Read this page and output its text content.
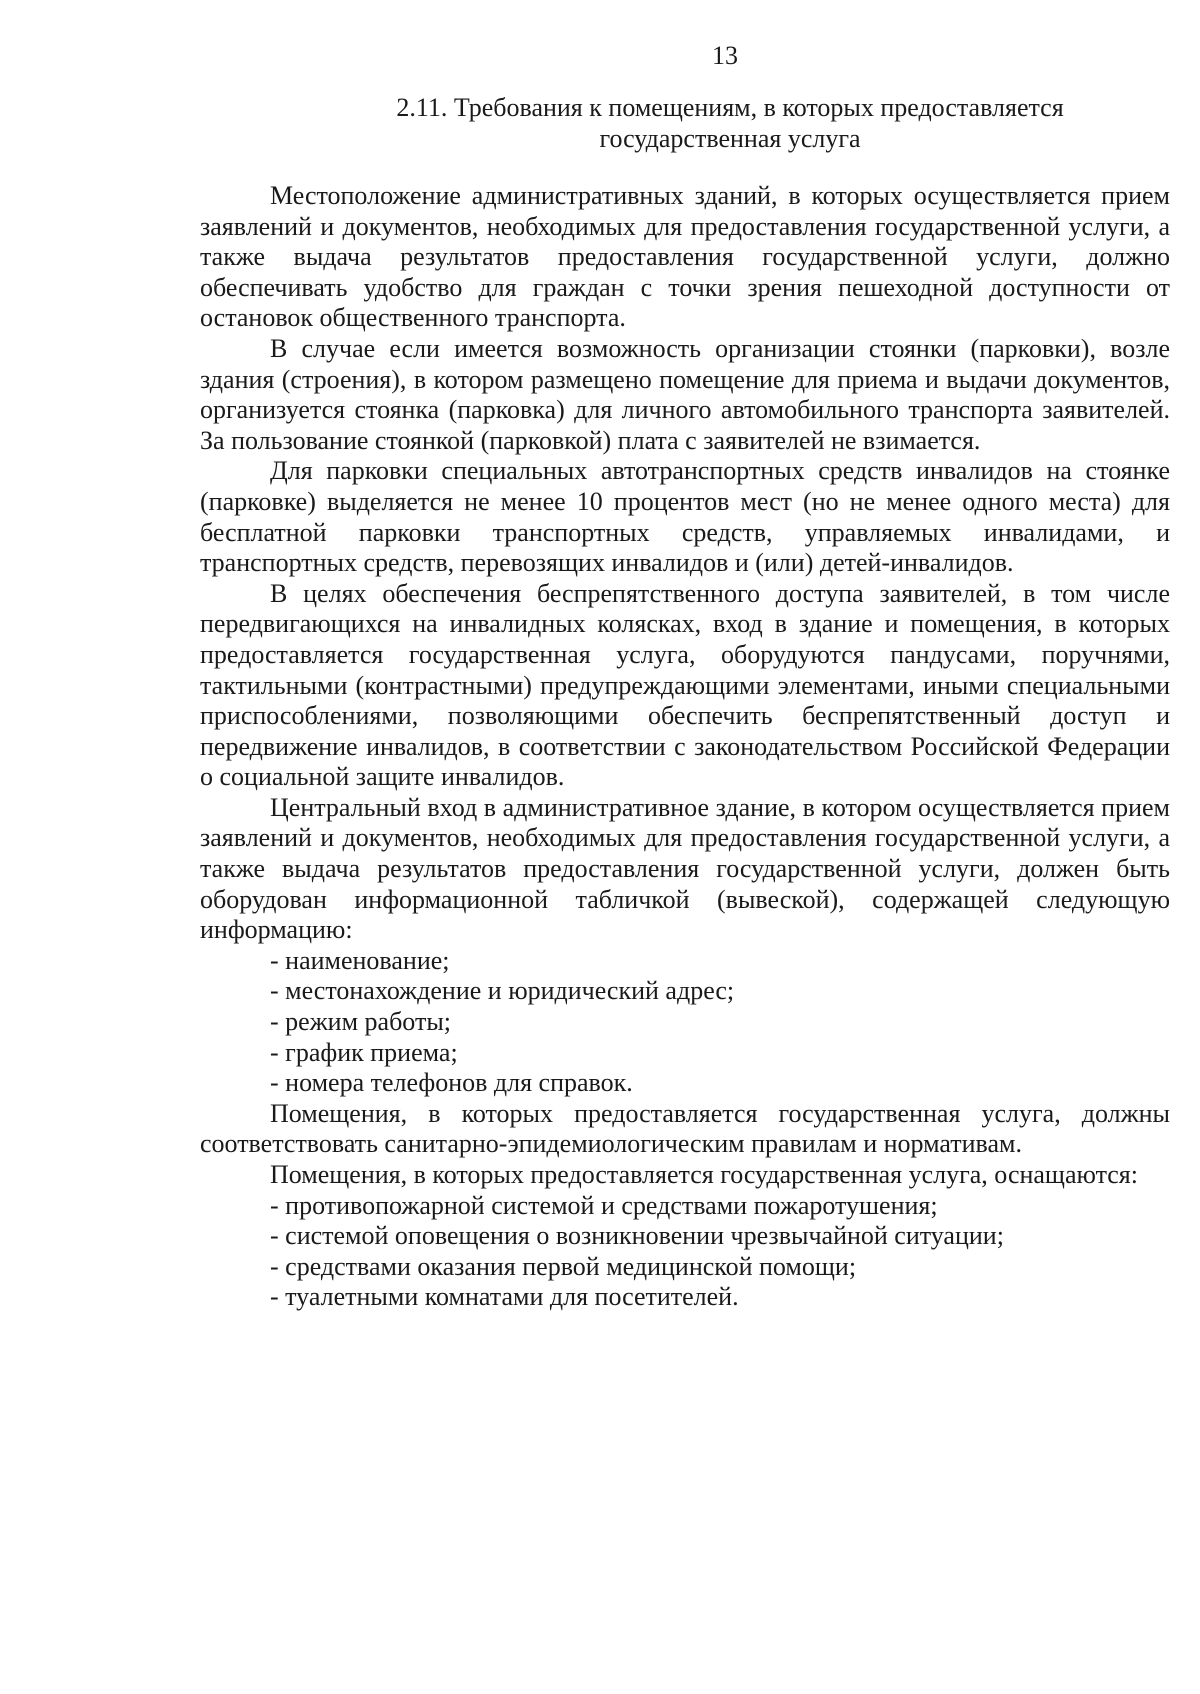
13
2.11. Требования к помещениям, в которых предоставляется
государственная услуга

Местоположение административных зданий, в которых осуществляется прием заявлений и документов, необходимых для предоставления государственной услуги, а также выдача результатов предоставления государственной услуги, должно обеспечивать удобство для граждан с точки зрения пешеходной доступности от остановок общественного транспорта.

В случае если имеется возможность организации стоянки (парковки), возле здания (строения), в котором размещено помещение для приема и выдачи документов, организуется стоянка (парковка) для личного автомобильного транспорта заявителей. За пользование стоянкой (парковкой) плата с заявителей не взимается.

Для парковки специальных автотранспортных средств инвалидов на стоянке (парковке) выделяется не менее 10 процентов мест (но не менее одного места) для бесплатной парковки транспортных средств, управляемых инвалидами, и транспортных средств, перевозящих инвалидов и (или) детей-инвалидов.

В целях обеспечения беспрепятственного доступа заявителей, в том числе передвигающихся на инвалидных колясках, вход в здание и помещения, в которых предоставляется государственная услуга, оборудуются пандусами, поручнями, тактильными (контрастными) предупреждающими элементами, иными специальными приспособлениями, позволяющими обеспечить беспрепятственный доступ и передвижение инвалидов, в соответствии с законодательством Российской Федерации о социальной защите инвалидов.

Центральный вход в административное здание, в котором осуществляется прием заявлений и документов, необходимых для предоставления государственной услуги, а также выдача результатов предоставления государственной услуги, должен быть оборудован информационной табличкой (вывеской), содержащей следующую информацию:

- наименование;
- местонахождение и юридический адрес;
- режим работы;
- график приема;
- номера телефонов для справок.

Помещения, в которых предоставляется государственная услуга, должны соответствовать санитарно-эпидемиологическим правилам и нормативам.

Помещения, в которых предоставляется государственная услуга, оснащаются:

- противопожарной системой и средствами пожаротушения;
- системой оповещения о возникновении чрезвычайной ситуации;
- средствами оказания первой медицинской помощи;
- туалетными комнатами для посетителей.
